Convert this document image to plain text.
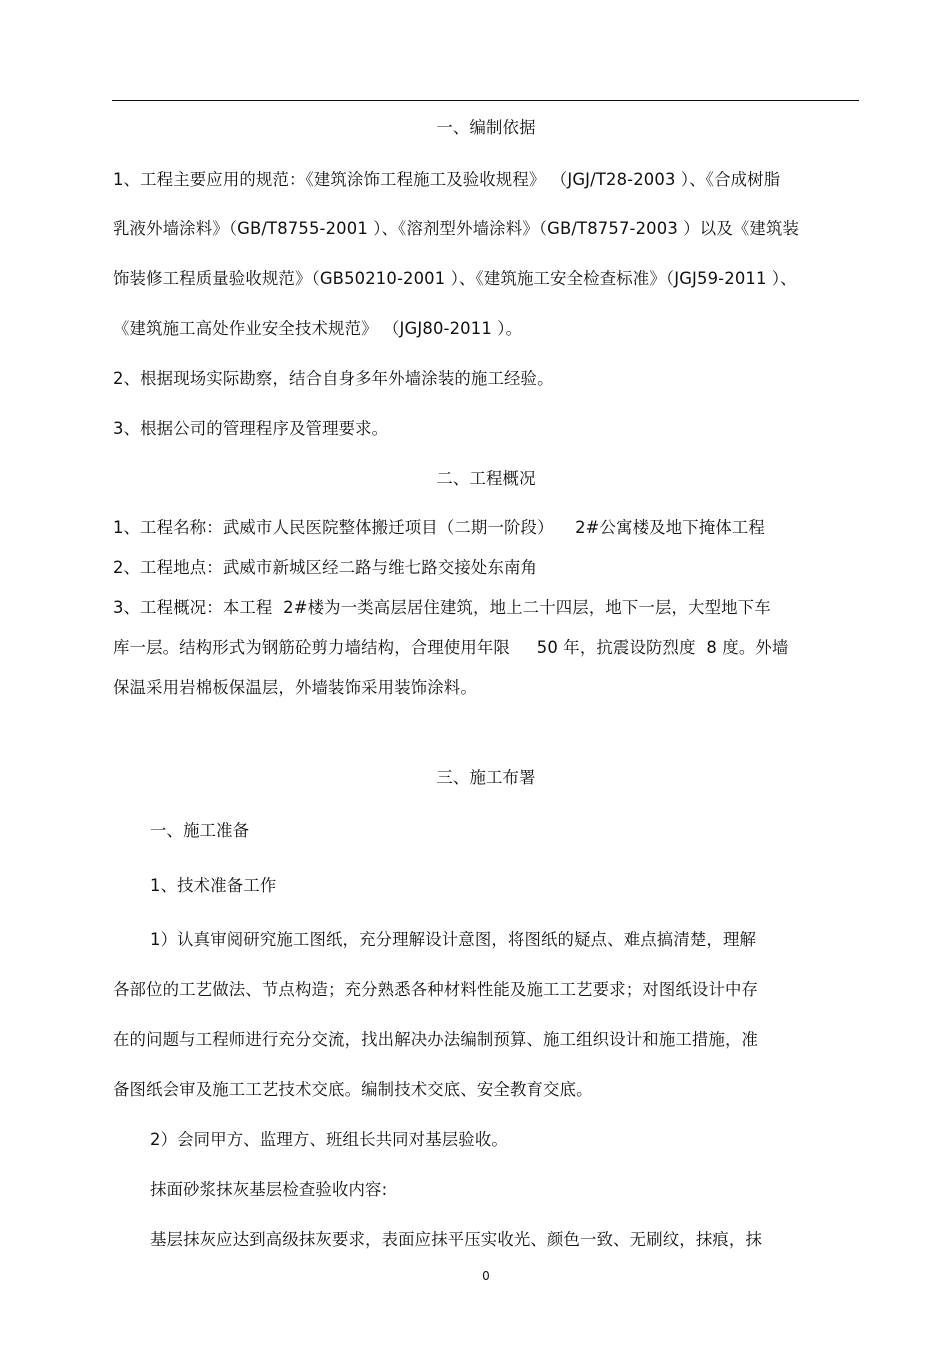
一、编制依据
1、工程主要应用的规范：《建筑涂饰工程施工及验收规程》 （JGJ/T28-2003 ）、《合成树脂
乳液外墙涂料》（GB/T8755-2001 ）、《溶剂型外墙涂料》（GB/T8757-2003 ）以及《建筑装
饰装修工程质量验收规范》（GB50210-2001 ）、《建筑施工安全检查标准》（JGJ59-2011 ）、
《建筑施工高处作业安全技术规范》 （JGJ80-2011 ）。
2、根据现场实际勘察，结合自身多年外墙涂装的施工经验。
3、根据公司的管理程序及管理要求。
二、工程概况
1、工程名称：武威市人民医院整体搬迁项目（二期一阶段）    2#公寓楼及地下掩体工程
2、工程地点：武威市新城区经二路与维七路交接处东南角
3、工程概况：本工程  2#楼为一类高层居住建筑，地上二十四层，地下一层，大型地下车
库一层。结构形式为钢筋砼剪力墙结构，合理使用年限     50 年，抗震设防烈度  8 度。外墙
保温采用岩棉板保温层，外墙装饰采用装饰涂料。
三、施工布署
一、施工准备
1、技术准备工作
1）认真审阅研究施工图纸，充分理解设计意图，将图纸的疑点、难点搞清楚，理解
各部位的工艺做法、节点构造；充分熟悉各种材料性能及施工工艺要求；对图纸设计中存
在的问题与工程师进行充分交流，找出解决办法编制预算、施工组织设计和施工措施，准
备图纸会审及施工工艺技术交底。编制技术交底、安全教育交底。
2）会同甲方、监理方、班组长共同对基层验收。
抹面砂浆抹灰基层检查验收内容:
基层抹灰应达到高级抹灰要求，表面应抹平压实收光、颜色一致、无刷纹，抹痕，抹
0
